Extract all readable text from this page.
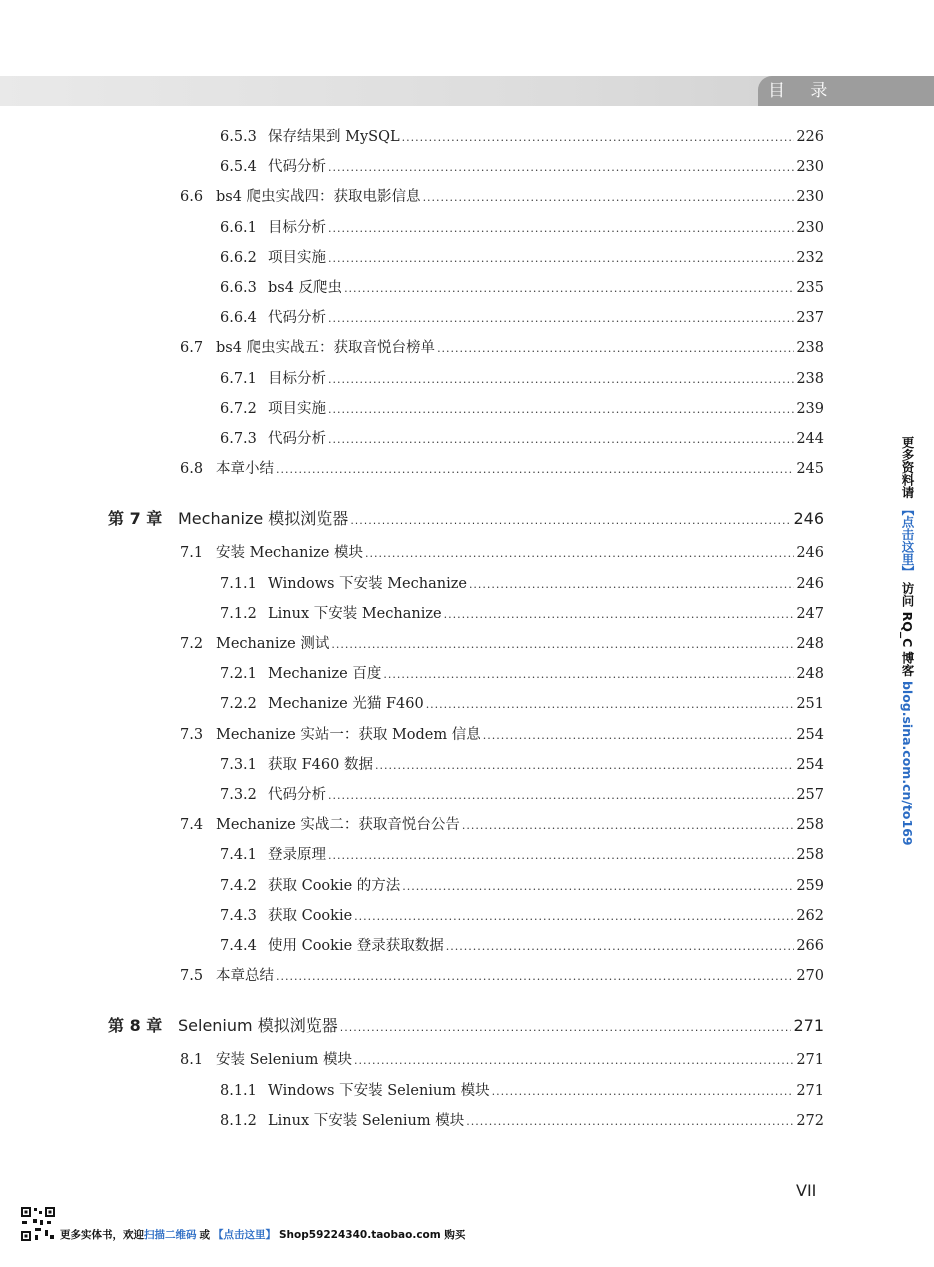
目 录
6.5.3 保存结果到 MySQL .....	226
6.5.4 代码分析 .....	230
6.6 bs4 爬虫实战四：获取电影信息 .....	230
6.6.1 目标分析 .....	230
6.6.2 项目实施 .....	232
6.6.3 bs4 反爬虫 .....	235
6.6.4 代码分析 .....	237
6.7 bs4 爬虫实战五：获取音悦台榜单 .....	238
6.7.1 目标分析 .....	238
6.7.2 项目实施 .....	239
6.7.3 代码分析 .....	244
6.8 本章小结 .....	245
第 7 章 Mechanize 模拟浏览器 .....	246
7.1 安装 Mechanize 模块 .....	246
7.1.1 Windows 下安装 Mechanize .....	246
7.1.2 Linux 下安装 Mechanize .....	247
7.2 Mechanize 测试 .....	248
7.2.1 Mechanize 百度 .....	248
7.2.2 Mechanize 光猫 F460 .....	251
7.3 Mechanize 实站一：获取 Modem 信息 .....	254
7.3.1 获取 F460 数据 .....	254
7.3.2 代码分析 .....	257
7.4 Mechanize 实战二：获取音悦台公告 .....	258
7.4.1 登录原理 .....	258
7.4.2 获取 Cookie 的方法 .....	259
7.4.3 获取 Cookie .....	262
7.4.4 使用 Cookie 登录获取数据 .....	266
7.5 本章总结 .....	270
第 8 章 Selenium 模拟浏览器 .....	271
8.1 安装 Selenium 模块 .....	271
8.1.1 Windows 下安装 Selenium 模块 .....	271
8.1.2 Linux 下安装 Selenium 模块 .....	272
更多资料请 【点击这里】 访问 RQ_C 博客 blog.sina.com.cn/to169
VII
更多实体书，欢迎 扫描二维码 或 【点击这里】 Shop59224340.taobao.com 购买
